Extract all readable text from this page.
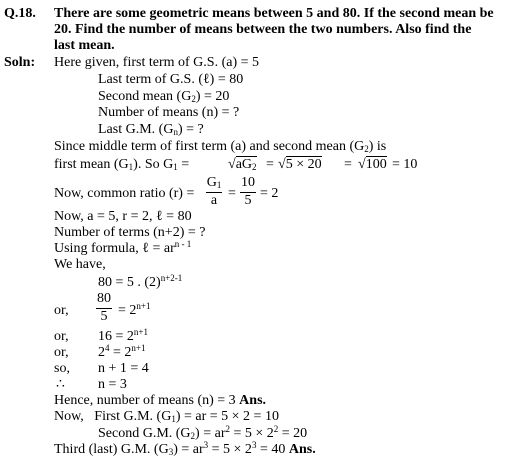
Q.18. There are some geometric means between 5 and 80. If the second mean be
20. Find the number of means between the two numbers. Also find the
last mean.
Soln: Here given, first term of G.S. (a) = 5
Last term of G.S. (ℓ) = 80
Second mean $(G_2) = 20$
Number of means (n) = ?
Last G.M. $(G_n)$ = ?
Since middle term of first term (a) and second mean $(G_2)$ is
first mean $(G_1)$. So $G_1$ =	$√aG_2 = √5 \times 20 = √100 = 10$
Now, common ratio (r) =
$G_1$
a =
10
5 = 2
Now, a = 5, r = 2, ℓ = 80
Number of terms (n+2) = ?
Using formula, ℓ = $ar^{n - 1}$
We have,
80 = 5 . $(2)^{n+2-1}$
or,
80
$5 = 2^{n+1}$
or, $16 = 2^{n+1}$
or, $2^4 = 2^{n+1}$
so, n + 1 = 4
∴ n = 3
Hence, number of means (n) = 3 Ans.
Now,   First G.M. $(G_1)$ = ar = 5 × 2 = 10
Second G.M. $(G_2) = ar^2 = 5 \times 2^2 = 20$
Third (last) G.M. $(G_3) = ar^3 = 5 \times 2^3 = 40$ Ans.
